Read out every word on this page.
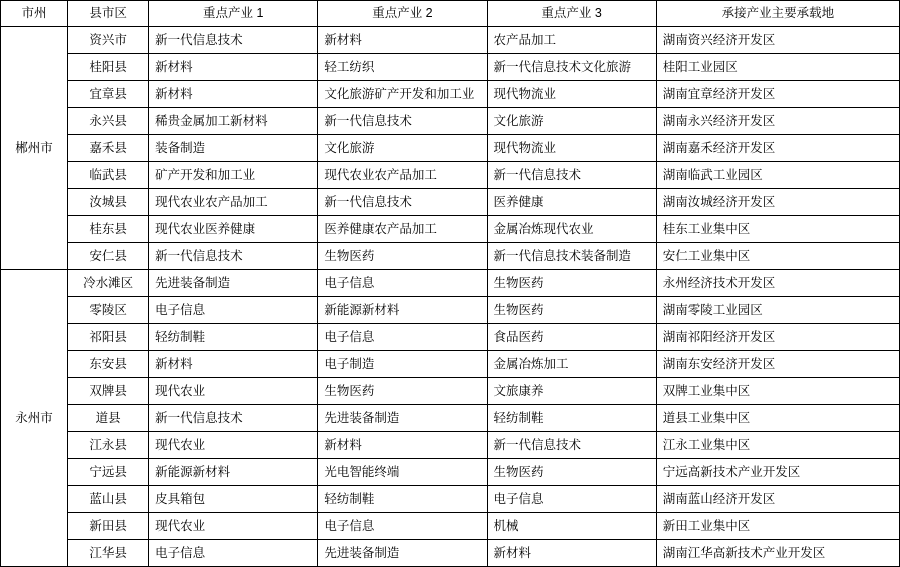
市州	县市区	重点产业 1	重点产业 2	重点产业 3	承接产业主要承载地
郴州市	资兴市	新一代信息技术	新材料	农产品加工	湖南资兴经济开发区
	桂阳县	新材料	轻工纺织	新一代信息技术文化旅游	桂阳工业园区
	宜章县	新材料	文化旅游矿产开发和加工业	现代物流业	湖南宜章经济开发区
	永兴县	稀贵金属加工新材料	新一代信息技术	文化旅游	湖南永兴经济开发区
	嘉禾县	装备制造	文化旅游	现代物流业	湖南嘉禾经济开发区
	临武县	矿产开发和加工业	现代农业农产品加工	新一代信息技术	湖南临武工业园区
	汝城县	现代农业农产品加工	新一代信息技术	医养健康	湖南汝城经济开发区
	桂东县	现代农业医养健康	医养健康农产品加工	金属冶炼现代农业	桂东工业集中区
	安仁县	新一代信息技术	生物医药	新一代信息技术装备制造	安仁工业集中区
永州市	冷水滩区	先进装备制造	电子信息	生物医药	永州经济技术开发区
	零陵区	电子信息	新能源新材料	生物医药	湖南零陵工业园区
	祁阳县	轻纺制鞋	电子信息	食品医药	湖南祁阳经济开发区
	东安县	新材料	电子制造	金属冶炼加工	湖南东安经济开发区
	双牌县	现代农业	生物医药	文旅康养	双牌工业集中区
	道县	新一代信息技术	先进装备制造	轻纺制鞋	道县工业集中区
	江永县	现代农业	新材料	新一代信息技术	江永工业集中区
	宁远县	新能源新材料	光电智能终端	生物医药	宁远高新技术产业开发区
	蓝山县	皮具箱包	轻纺制鞋	电子信息	湖南蓝山经济开发区
	新田县	现代农业	电子信息	机械	新田工业集中区
	江华县	电子信息	先进装备制造	新材料	湖南江华高新技术产业开发区
